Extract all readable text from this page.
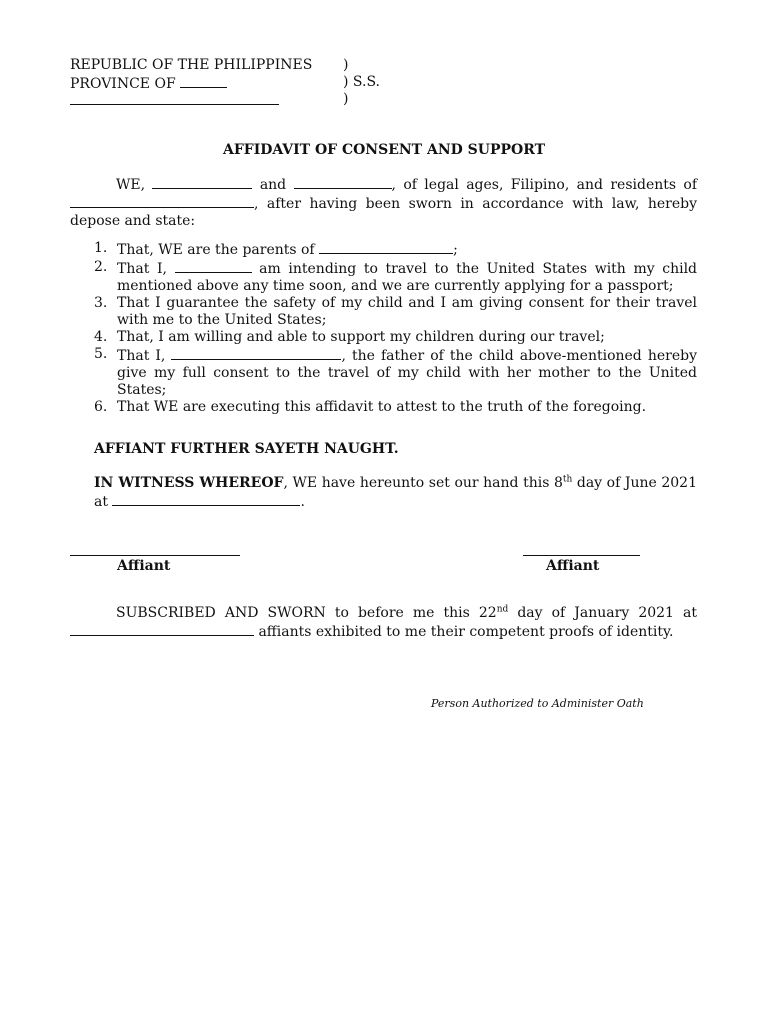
REPUBLIC OF THE PHILIPPINES )
PROVINCE OF	) S.S.
)
AFFIDAVIT OF CONSENT AND SUPPORT
WE,	and	, of legal ages, Filipino, and residents of , after having been sworn in accordance with law, hereby depose and state:
1. That, WE are the parents of	;
2. That I,	am intending to travel to the United States with my child mentioned above any time soon, and we are currently applying for a passport;
3. That I guarantee the safety of my child and I am giving consent for their travel with me to the United States;
4. That, I am willing and able to support my children during our travel;
5. That I,	, the father of the child above-mentioned hereby give my full consent to the travel of my child with her mother to the United States;
6. That WE are executing this affidavit to attest to the truth of the foregoing.
AFFIANT FURTHER SAYETH NAUGHT.
IN WITNESS WHEREOF, WE have hereunto set our hand this 8th day of June 2021 at	.
Affiant	Affiant
SUBSCRIBED AND SWORN to before me this 22nd day of January 2021 at  affiants exhibited to me their competent proofs of identity.
Person Authorized to Administer Oath
